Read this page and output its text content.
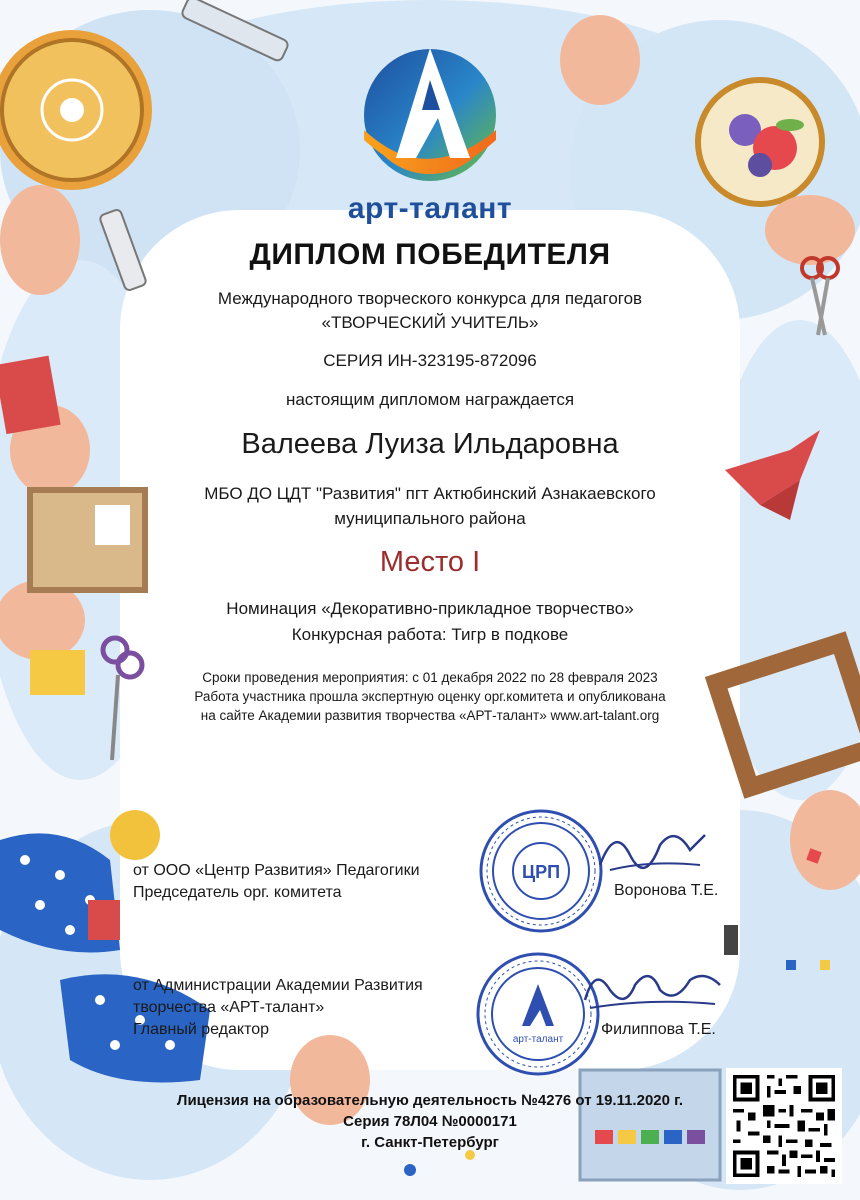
арт-талант
ДИПЛОМ ПОБЕДИТЕЛЯ
Международного творческого конкурса для педагогов
«ТВОРЧЕСКИЙ УЧИТЕЛЬ»
СЕРИЯ ИН-323195-872096
настоящим дипломом награждается
Валеева Луиза Ильдаровна
МБО ДО ЦДТ "Развития" пгт Актюбинский Азнакаевского
муниципального района
Место I
Номинация «Декоративно-прикладное творчество»
Конкурсная работа: Тигр в подкове
Сроки проведения мероприятия: с 01 декабря 2022 по 28 февраля 2023
Работа участника прошла экспертную оценку орг.комитета и опубликована
на сайте Академии развития творчества «АРТ-талант» www.art-talant.org
от ООО «Центр Развития» Педагогики
Председатель орг. комитета
ЦРП
Воронова Т.Е.
от Администрации Академии Развития
творчества «АРТ-талант»
Главный редактор
арт-талант
Филиппова Т.Е.
Лицензия на образовательную деятельность №4276 от 19.11.2020 г.
Серия 78Л04 №0000171
г. Санкт-Петербург
